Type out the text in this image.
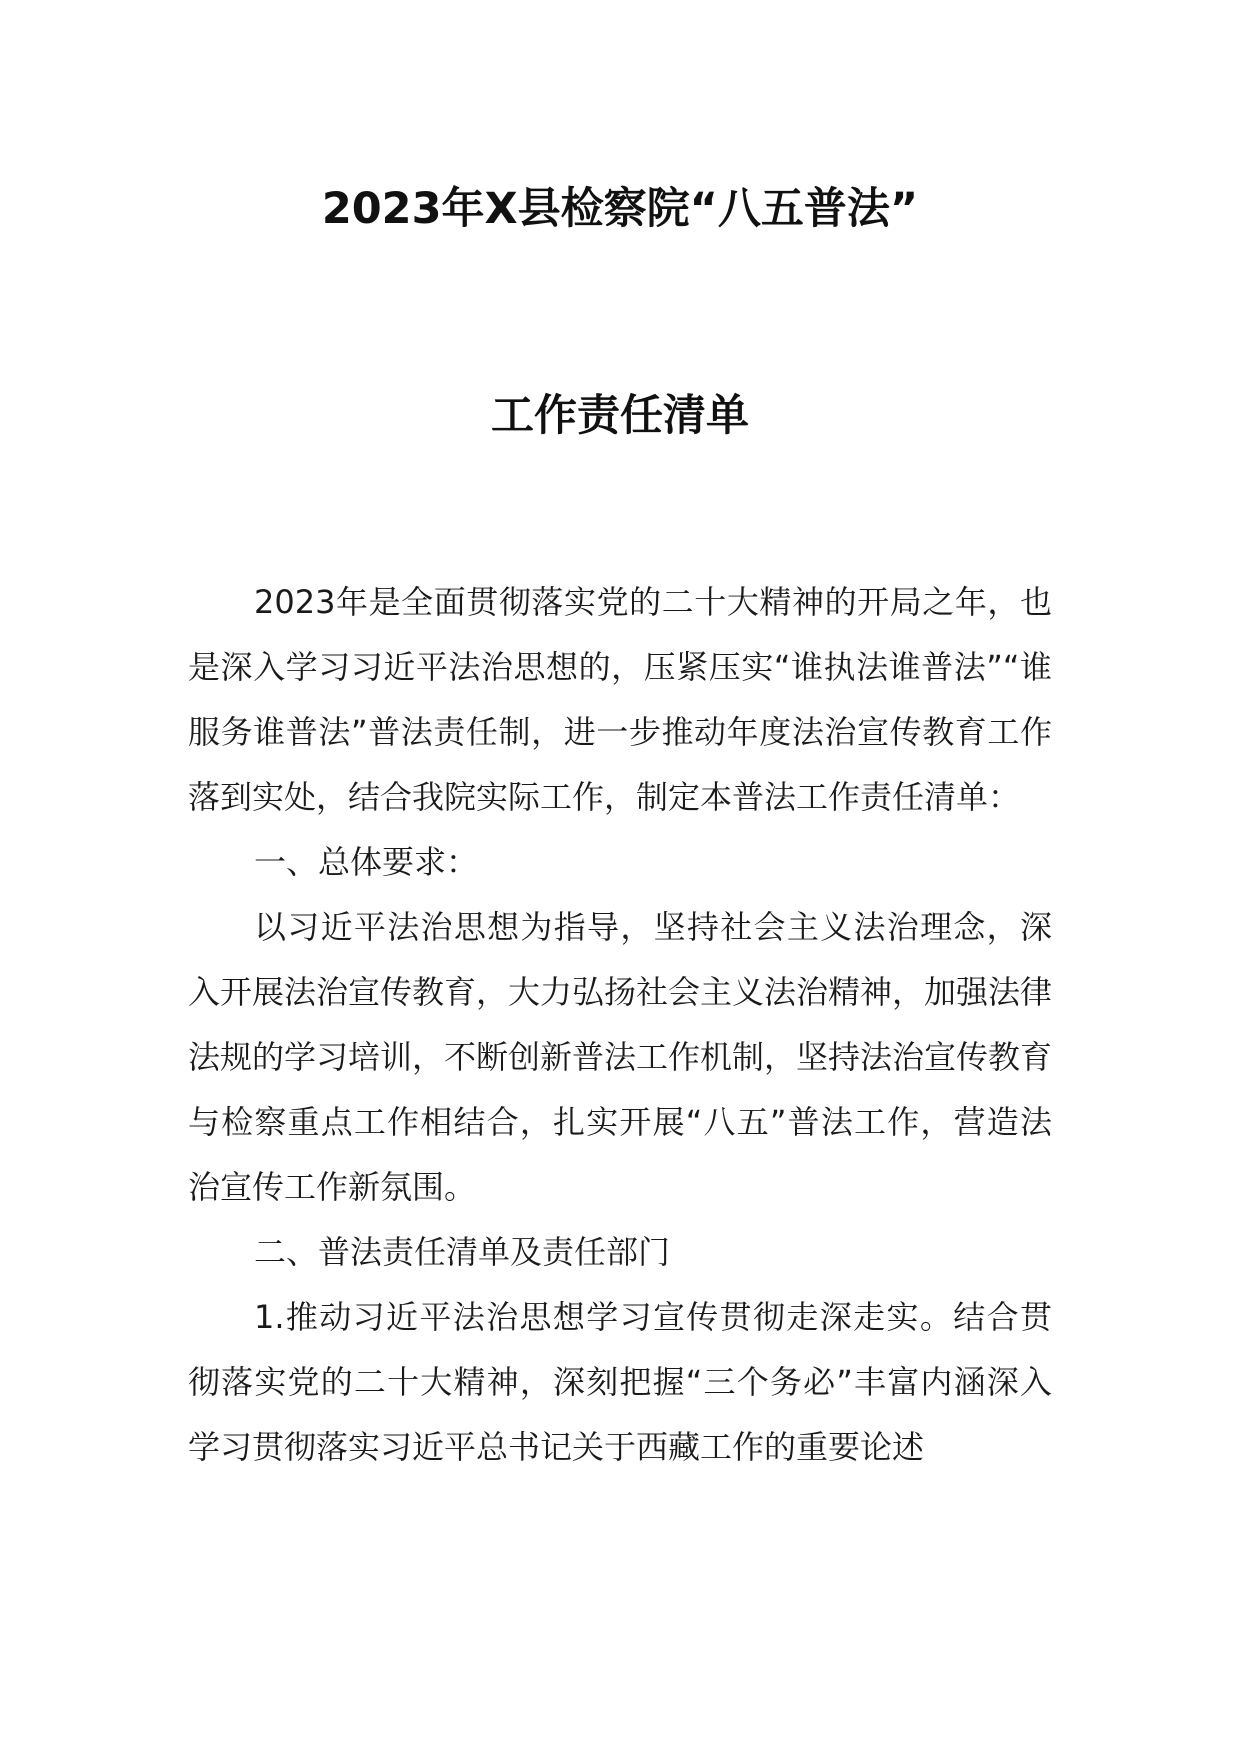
2023年X县检察院“八五普法”
工作责任清单

2023年是全面贯彻落实党的二十大精神的开局之年，也是深入学习习近平法治思想的，压紧压实“谁执法谁普法”“谁服务谁普法”普法责任制，进一步推动年度法治宣传教育工作落到实处，结合我院实际工作，制定本普法工作责任清单：

一、总体要求：

以习近平法治思想为指导，坚持社会主义法治理念，深入开展法治宣传教育，大力弘扬社会主义法治精神，加强法律法规的学习培训，不断创新普法工作机制，坚持法治宣传教育与检察重点工作相结合，扎实开展“八五”普法工作，营造法治宣传工作新氛围。

二、普法责任清单及责任部门

1.推动习近平法治思想学习宣传贯彻走深走实。结合贯彻落实党的二十大精神，深刻把握“三个务必”丰富内涵深入学习贯彻落实习近平总书记关于西藏工作的重要论述
